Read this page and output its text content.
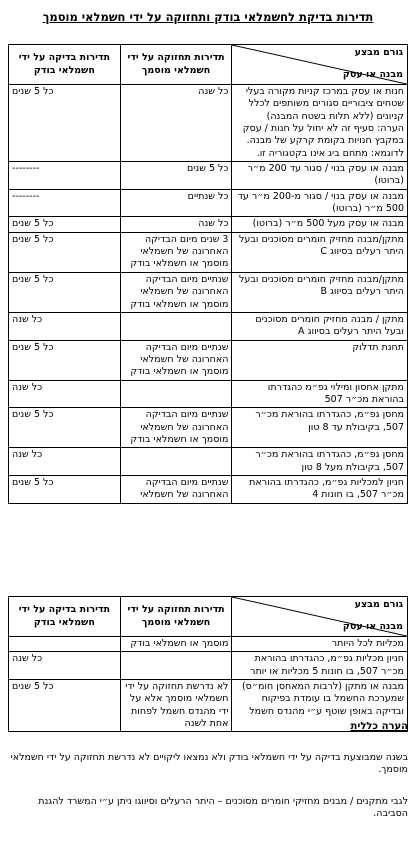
תדירות בדיקת לחשמלאי בודק ותחזוקה על ידי חשמלאי מוסמך
גורם מבצע
מבנה או עסק	תדירות תחזוקה על ידי חשמלאי מוסמך	תדירות בדיקה על ידי חשמלאי בודק
חנות או עסק במרכז קניות מקורה בעלי שטחים ציבוריים סגורים משותפים לכלל קניונים (ללא תלות בשטח המבנה)
הערה: סעיף זה לא יחול על חנות / עסק במקבץ חנויות בקומת קרקע של מבנה. לדוגמא: מתחם ביג אינו בקטגוריה זו.	כל שנה	כל 5 שנים
מבנה או עסק בנוי / סגור עד 200 מ״ר (ברוטו)	כל 5 שנים	--------
מבנה או עסק בנוי / סגור מ-200 מ״ר עד 500 מ״ר (ברוטו)	כל שנתיים	--------
מבנה או עסק מעל 500 מ״ר (ברוטו)	כל שנה	כל 5 שנים
מתקן/מבנה מחזיק חומרים מסוכנים ובעל היתר רעלים בסיווג C	3 שנים מיום הבדיקה האחרונה של חשמלאי מוסמך או חשמלאי בודק	כל 5 שנים
מתקן/מבנה מחזיק חומרים מסוכנים ובעל היתר רעלים בסיווג B	שנתיים מיום הבדיקה האחרונה של חשמלאי מוסמך או חשמלאי בודק	כל 5 שנים
מתקן / מבנה מחזיק חומרים מסוכנים ובעל היתר רעלים בסיווג A		כל שנה
תחנת תדלוק	שנתיים מיום הבדיקה האחרונה של חשמלאי מוסמך או חשמלאי בודק	כל 5 שנים
מתקן אחסון ומילוי גפ״מ כהגדרתו בהוראת מכ״ר 507		כל שנה
מחסן גפ״מ, כהגדרתו בהוראת מכ״ר 507, בקיבולת עד 8 טון	שנתיים מיום הבדיקה האחרונה של חשמלאי מוסמך או חשמלאי בודק	כל 5 שנים
מחסן גפ״מ, כהגדרתו בהוראת מכ״ר 507, בקיבולת מעל 8 טון		כל שנה
חניון למכליות גפ״מ, כהגדרתו בהוראת מכ״ר 507, בו חונות 4	שנתיים מיום הבדיקה האחרונה של חשמלאי	כל 5 שנים
גורם מבצע
מבנה או עסק	תדירות תחזוקה על ידי חשמלאי מוסמך	תדירות בדיקה על ידי חשמלאי בודק
מכליות לכל היותר	מוסמך או חשמלאי בודק	
חניון מכליות גפ״מ, כהגדרתו בהוראת מכ״ר 507, בו חונות 5 מכליות או יותר		כל שנה
מבנה או מתקן (לרבות המאחסן חומ״ס) שמערכת החשמל בו עומדת בפיקוח ובדיקה באופן שוטף ע״י מהנדס חשמל	לא נדרשת תחזוקה על ידי חשמלאי מוסמך אלא על ידי מהנדס חשמל לפחות אחת לשנה	כל 5 שנים
הערה כללית
בשנה שמבוצעת בדיקה על ידי חשמלאי בודק ולא נמצאו ליקויים לא נדרשת תחזוקה על ידי חשמלאי מוסמך.
לגבי מתקנים / מבנים מחזיקי חומרים מסוכנים – היתר הרעלים וסיווגו ניתן ע״י המשרד להגנת הסביבה.
